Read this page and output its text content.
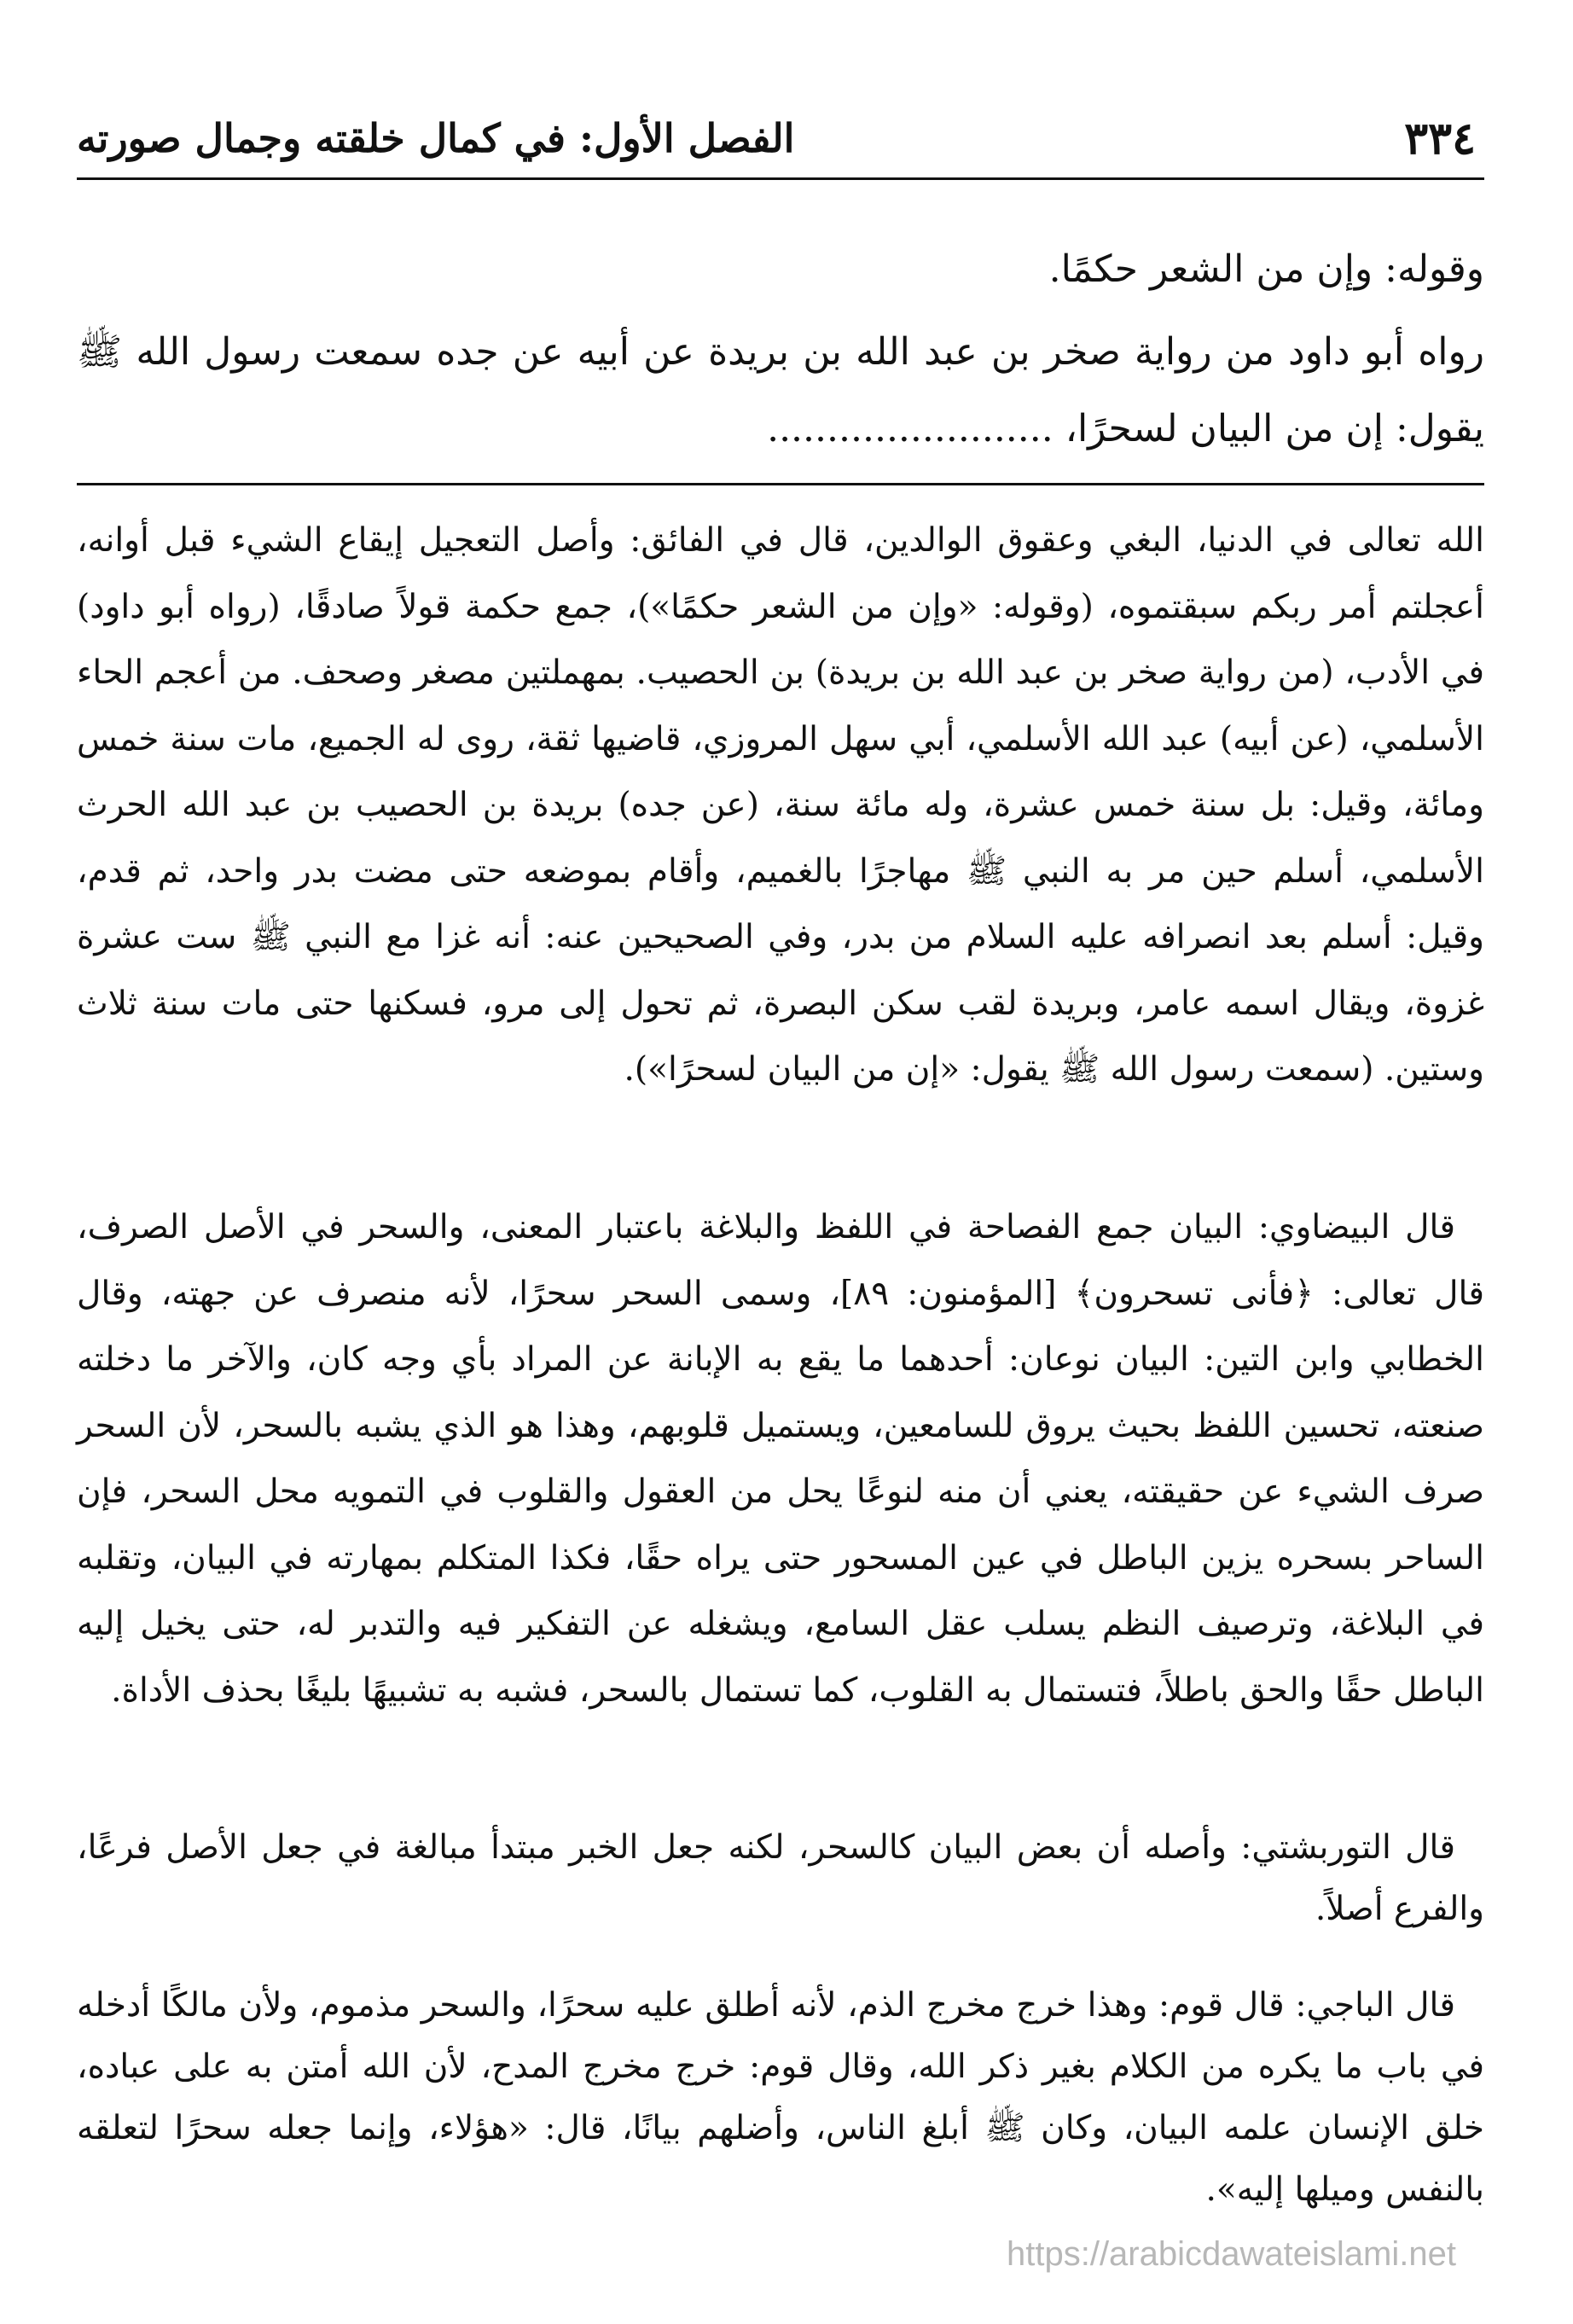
الفصل الأول: في كمال خلقته وجمال صورته	٣٣٤
وقوله: وإن من الشعر حكمًا.
رواه أبو داود من رواية صخر بن عبد الله بن بريدة عن أبيه عن جده سمعت رسول الله ﷺ يقول: إن من البيان لسحرًا، ........................
الله تعالى في الدنيا، البغي وعقوق الوالدين، قال في الفائق: وأصل التعجيل إيقاع الشيء قبل أوانه، أعجلتم أمر ربكم سبقتموه، (وقوله: «وإن من الشعر حكمًا»)، جمع حكمة قولاً صادقًا، (رواه أبو داود) في الأدب، (من رواية صخر بن عبد الله بن بريدة) بن الحصيب. بمهملتين مصغر وصحف. من أعجم الحاء الأسلمي، (عن أبيه) عبد الله الأسلمي، أبي سهل المروزي، قاضيها ثقة، روى له الجميع، مات سنة خمس ومائة، وقيل: بل سنة خمس عشرة، وله مائة سنة، (عن جده) بريدة بن الحصيب بن عبد الله الحرث الأسلمي، أسلم حين مر به النبي ﷺ مهاجرًا بالغميم، وأقام بموضعه حتى مضت بدر واحد، ثم قدم، وقيل: أسلم بعد انصرافه عليه السلام من بدر، وفي الصحيحين عنه: أنه غزا مع النبي ﷺ ست عشرة غزوة، ويقال اسمه عامر، وبريدة لقب سكن البصرة، ثم تحول إلى مرو، فسكنها حتى مات سنة ثلاث وستين. (سمعت رسول الله ﷺ يقول: «إن من البيان لسحرًا»).
قال البيضاوي: البيان جمع الفصاحة في اللفظ والبلاغة باعتبار المعنى، والسحر في الأصل الصرف، قال تعالى: ﴿فأنى تسحرون﴾ [المؤمنون: ٨٩]، وسمى السحر سحرًا، لأنه منصرف عن جهته، وقال الخطابي وابن التين: البيان نوعان: أحدهما ما يقع به الإبانة عن المراد بأي وجه كان، والآخر ما دخلته صنعته، تحسين اللفظ بحيث يروق للسامعين، ويستميل قلوبهم، وهذا هو الذي يشبه بالسحر، لأن السحر صرف الشيء عن حقيقته، يعني أن منه لنوعًا يحل من العقول والقلوب في التمويه محل السحر، فإن الساحر بسحره يزين الباطل في عين المسحور حتى يراه حقًا، فكذا المتكلم بمهارته في البيان، وتقلبه في البلاغة، وترصيف النظم يسلب عقل السامع، ويشغله عن التفكير فيه والتدبر له، حتى يخيل إليه الباطل حقًا والحق باطلاً، فتستمال به القلوب، كما تستمال بالسحر، فشبه به تشبيهًا بليغًا بحذف الأداة.
قال التوربشتي: وأصله أن بعض البيان كالسحر، لكنه جعل الخبر مبتدأ مبالغة في جعل الأصل فرعًا، والفرع أصلاً.
قال الباجي: قال قوم: وهذا خرج مخرج الذم، لأنه أطلق عليه سحرًا، والسحر مذموم، ولأن مالكًا أدخله في باب ما يكره من الكلام بغير ذكر الله، وقال قوم: خرج مخرج المدح، لأن الله أمتن به على عباده، خلق الإنسان علمه البيان، وكان ﷺ أبلغ الناس، وأضلهم بيانًا، قال: «هؤلاء، وإنما جعله سحرًا لتعلقه بالنفس وميلها إليه».
https://arabicdawateislami.net
